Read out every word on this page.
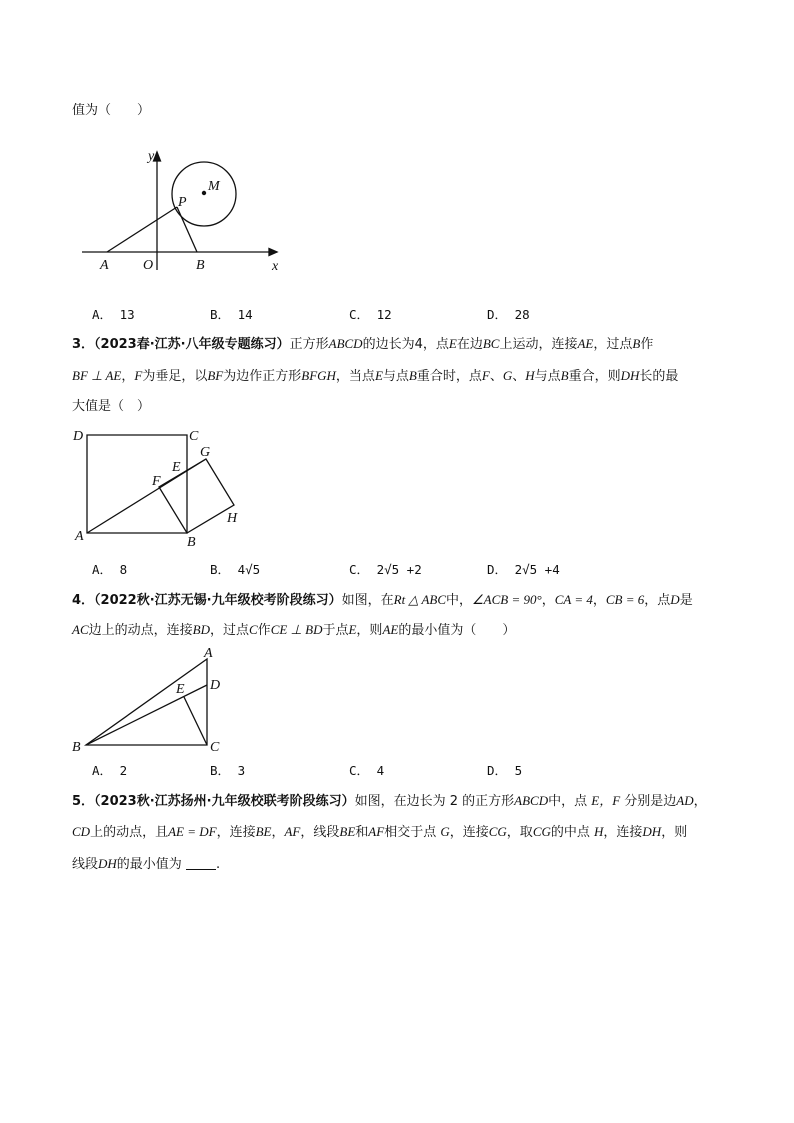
值为（　　）
y
x
A O	B
P
M
A． 13	B． 14	C． 12	D． 28
3．（2023春·江苏·八年级专题练习）正方形ABCD的边长为4，点E在边BC上运动，连接AE，过点B作
BF ⊥ AE，F为垂足，以BF为边作正方形BFGH，当点E与点B重合时，点F、G、H与点B重合，则DH长的最
大值是（　）
D	C
E
G
F
H
A	B
A． 8	B． 4√5	C． 2√5 +2	D． 2√5 +4
4．（2022秋·江苏无锡·九年级校考阶段练习）如图，在Rt △ ABC中，∠ACB = 90°，CA = 4，CB = 6，点D是
AC边上的动点，连接BD，过点C作CE ⊥ BD于点E，则AE的最小值为（　　）
A
E D
B	C
A． 2	B． 3	C． 4	D． 5
5．（2023秋·江苏扬州·九年级校联考阶段练习）如图，在边长为 2 的正方形ABCD中，点 E，F 分别是边AD，
CD上的动点，且AE = DF，连接BE，AF，线段BE和AF相交于点 G，连接CG，取CG的中点 H，连接DH，则
线段DH的最小值为	.
